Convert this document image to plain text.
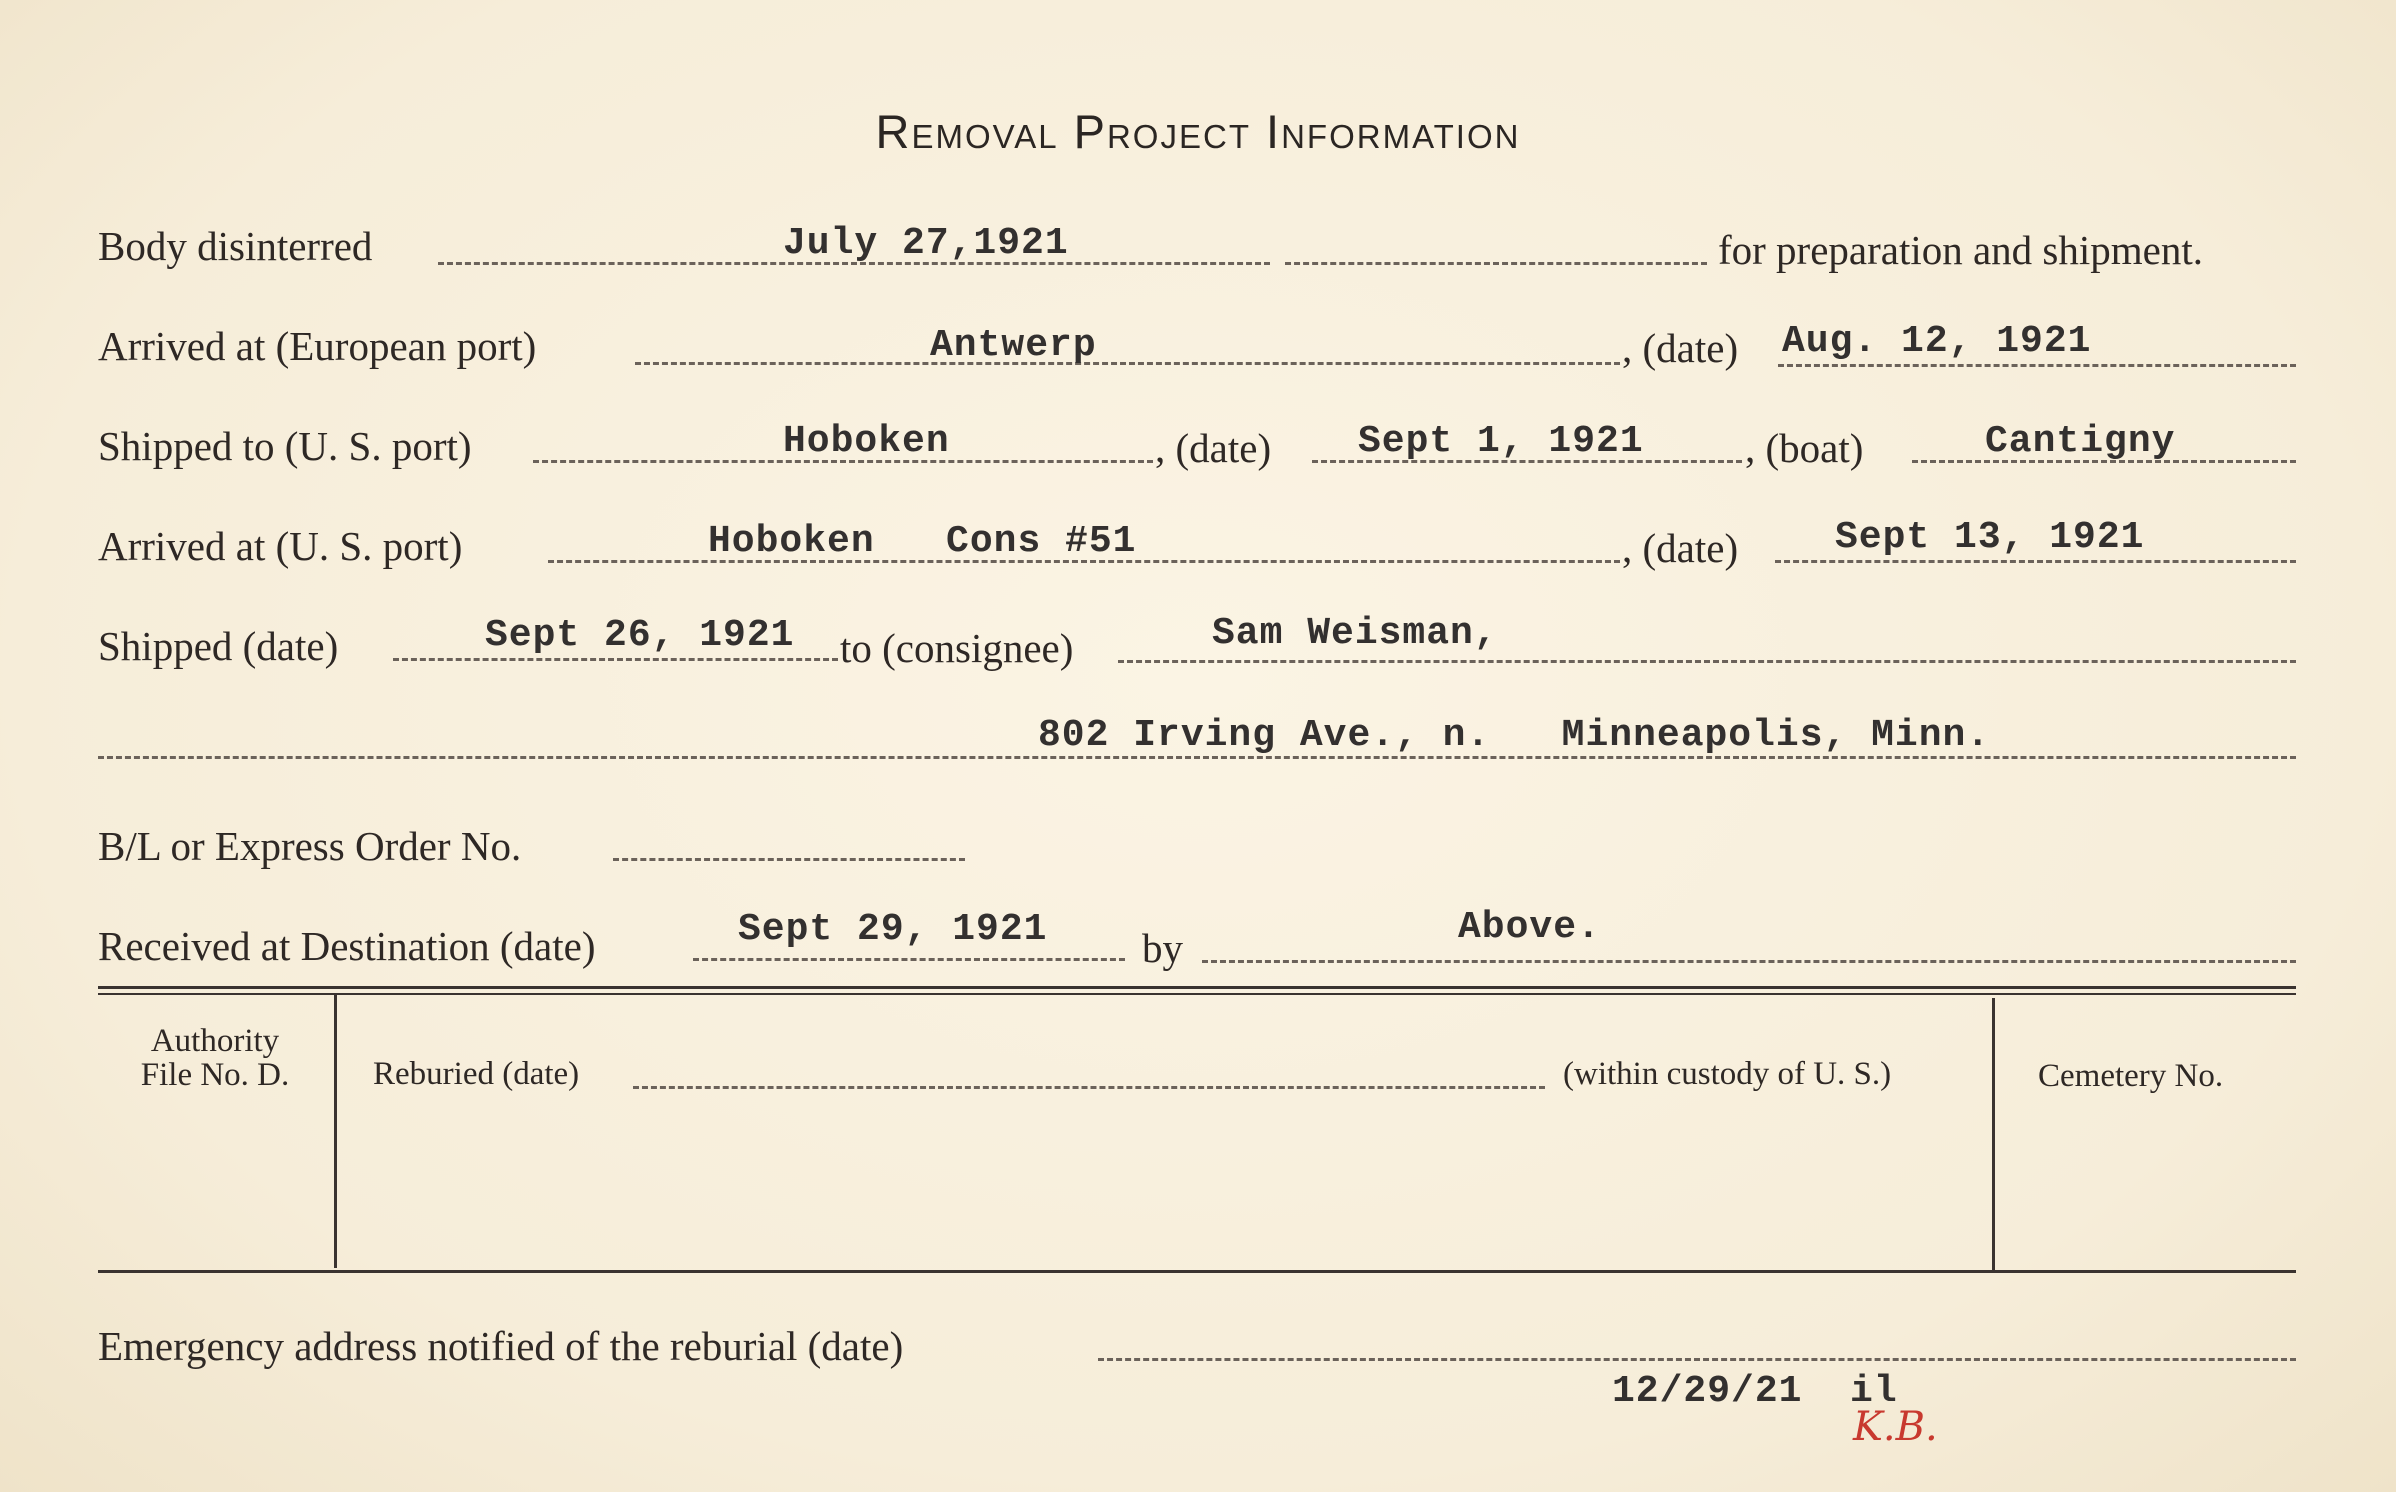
Removal Project Information
Body disinterred	July 27,1921	for preparation and shipment.
Arrived at (European port)	Antwerp	, (date) Aug. 12, 1921
Shipped to (U. S. port)	Hoboken	, (date) Sept 1, 1921 , (boat)	Cantigny
Arrived at (U. S. port)	Hoboken   Cons #51	, (date)	Sept 13, 1921
Shipped (date)	Sept 26, 1921 to (consignee)	Sam Weisman,
802 Irving Ave., n.   Minneapolis, Minn.
B/L or Express Order No.
Received at Destination (date)	Sept 29, 1921 by	Above.
Authority
File No. D.	Reburied (date)	(within custody of U. S.)	Cemetery No.
Emergency address notified of the reburial (date)
12/29/21  il
K.B.
